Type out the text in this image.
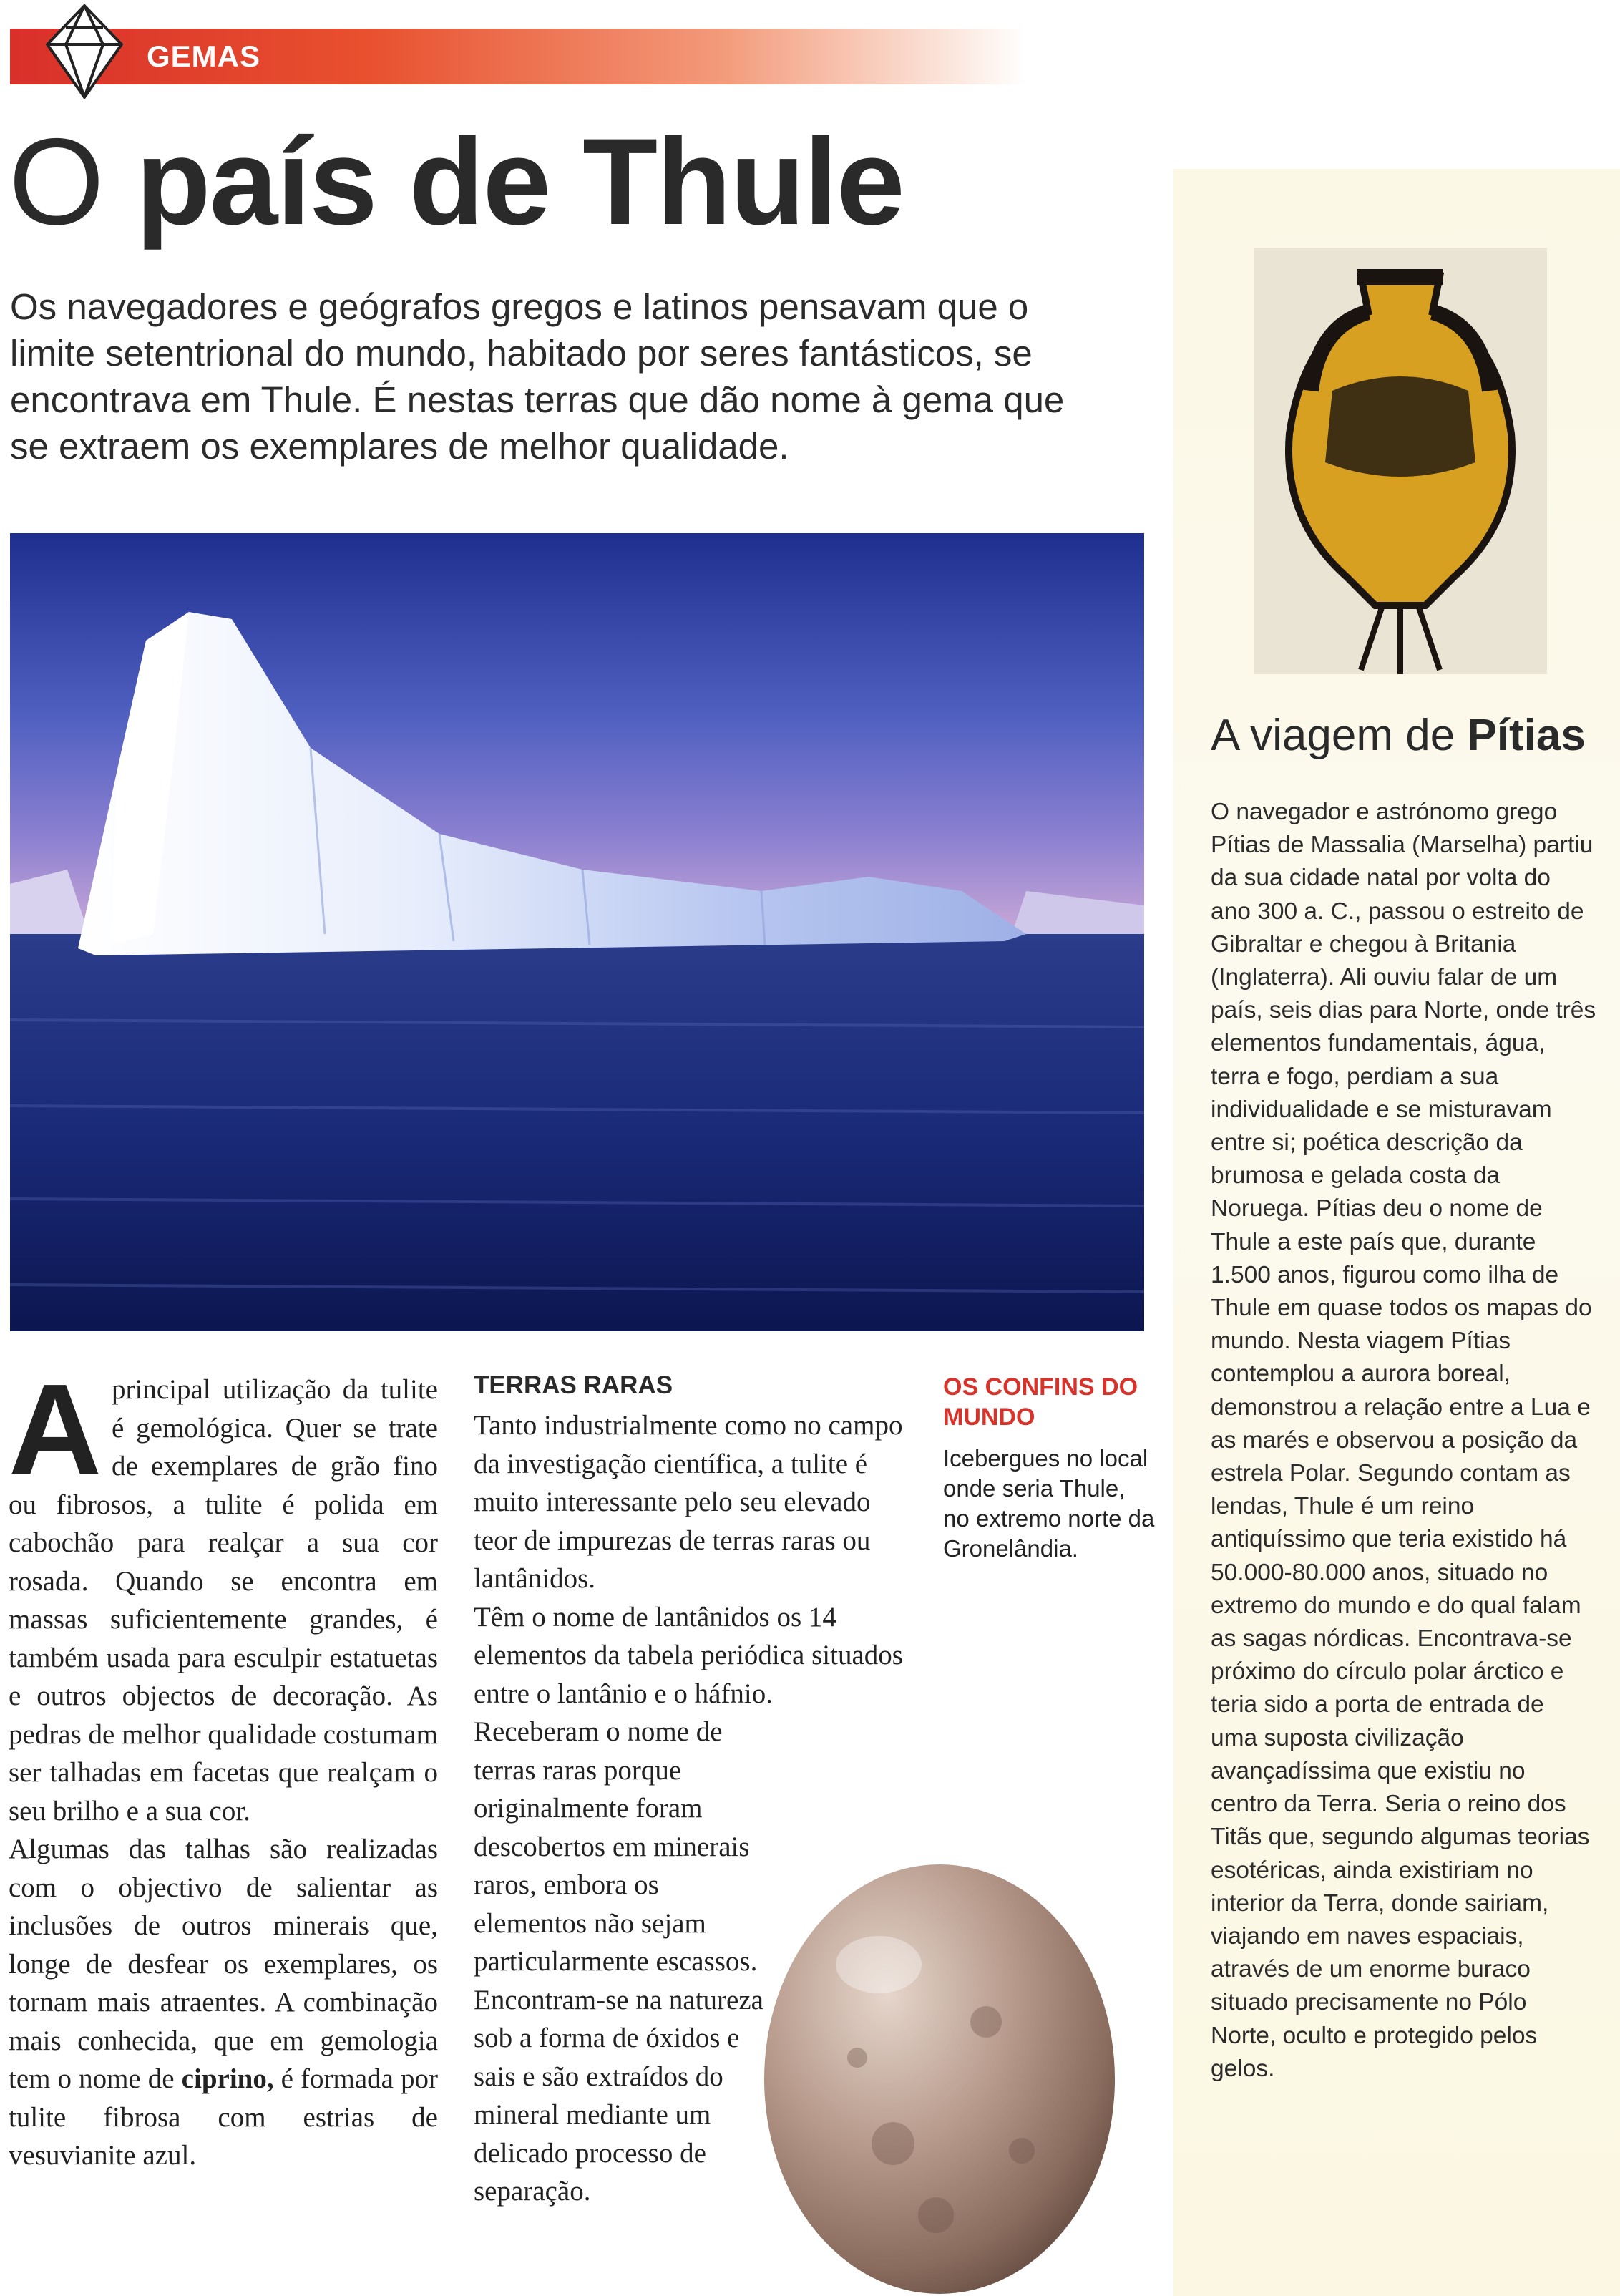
GEMAS
O país de Thule
Os navegadores e geógrafos gregos e latinos pensavam que o limite setentrional do mundo, habitado por seres fantásticos, se encontrava em Thule. É nestas terras que dão nome à gema que se extraem os exemplares de melhor qualidade.
A viagem de Pítias
O navegador e astrónomo grego Pítias de Massalia (Marselha) partiu da sua cidade natal por volta do ano 300 a. C., passou o estreito de Gibraltar e chegou à Britania (Inglaterra). Ali ouviu falar de um país, seis dias para Norte, onde três elementos fundamentais, água, terra e fogo, perdiam a sua individualidade e se misturavam entre si; poética descrição da brumosa e gelada costa da Noruega. Pítias deu o nome de Thule a este país que, durante 1.500 anos, figurou como ilha de Thule em quase todos os mapas do mundo. Nesta viagem Pítias contemplou a aurora boreal, demonstrou a relação entre a Lua e as marés e observou a posição da estrela Polar. Segundo contam as lendas, Thule é um reino antiquíssimo que teria existido há 50.000-80.000 anos, situado no extremo do mundo e do qual falam as sagas nórdicas. Encontrava-se próximo do círculo polar árctico e teria sido a porta de entrada de uma suposta civilização avançadíssima que existiu no centro da Terra. Seria o reino dos Titãs que, segundo algumas teorias esotéricas, ainda existiriam no interior da Terra, donde sairiam, viajando em naves espaciais, através de um enorme buraco situado precisamente no Pólo Norte, oculto e protegido pelos gelos.
A principal utilização da tulite é gemológica. Quer se trate de exemplares de grão fino ou fibrosos, a tulite é polida em cabochão para realçar a sua cor rosada. Quando se encontra em massas suficientemente grandes, é também usada para esculpir estatuetas e outros objectos de decoração. As pedras de melhor qualidade costumam ser talhadas em facetas que realçam o seu brilho e a sua cor.

Algumas das talhas são realizadas com o objectivo de salientar as inclusões de outros minerais que, longe de desfear os exemplares, os tornam mais atraentes. A combinação mais conhecida, que em gemologia tem o nome de ciprino, é formada por tulite fibrosa com estrias de vesuvianite azul.

TERRAS RARAS

Tanto industrialmente como no campo da investigação científica, a tulite é muito interessante pelo seu elevado teor de impurezas de terras raras ou lantânidos.

Têm o nome de lantânidos os 14 elementos da tabela periódica situados entre o lantânio e o háfnio.

Receberam o nome de terras raras porque originalmente foram descobertos em minerais raros, embora os elementos não sejam particularmente escassos.

Encontram-se na natureza sob a forma de óxidos e sais e são extraídos do mineral mediante um delicado processo de separação.

OS CONFINS DO MUNDO
Icebergues no local onde seria Thule, no extremo norte da Gronelândia.
